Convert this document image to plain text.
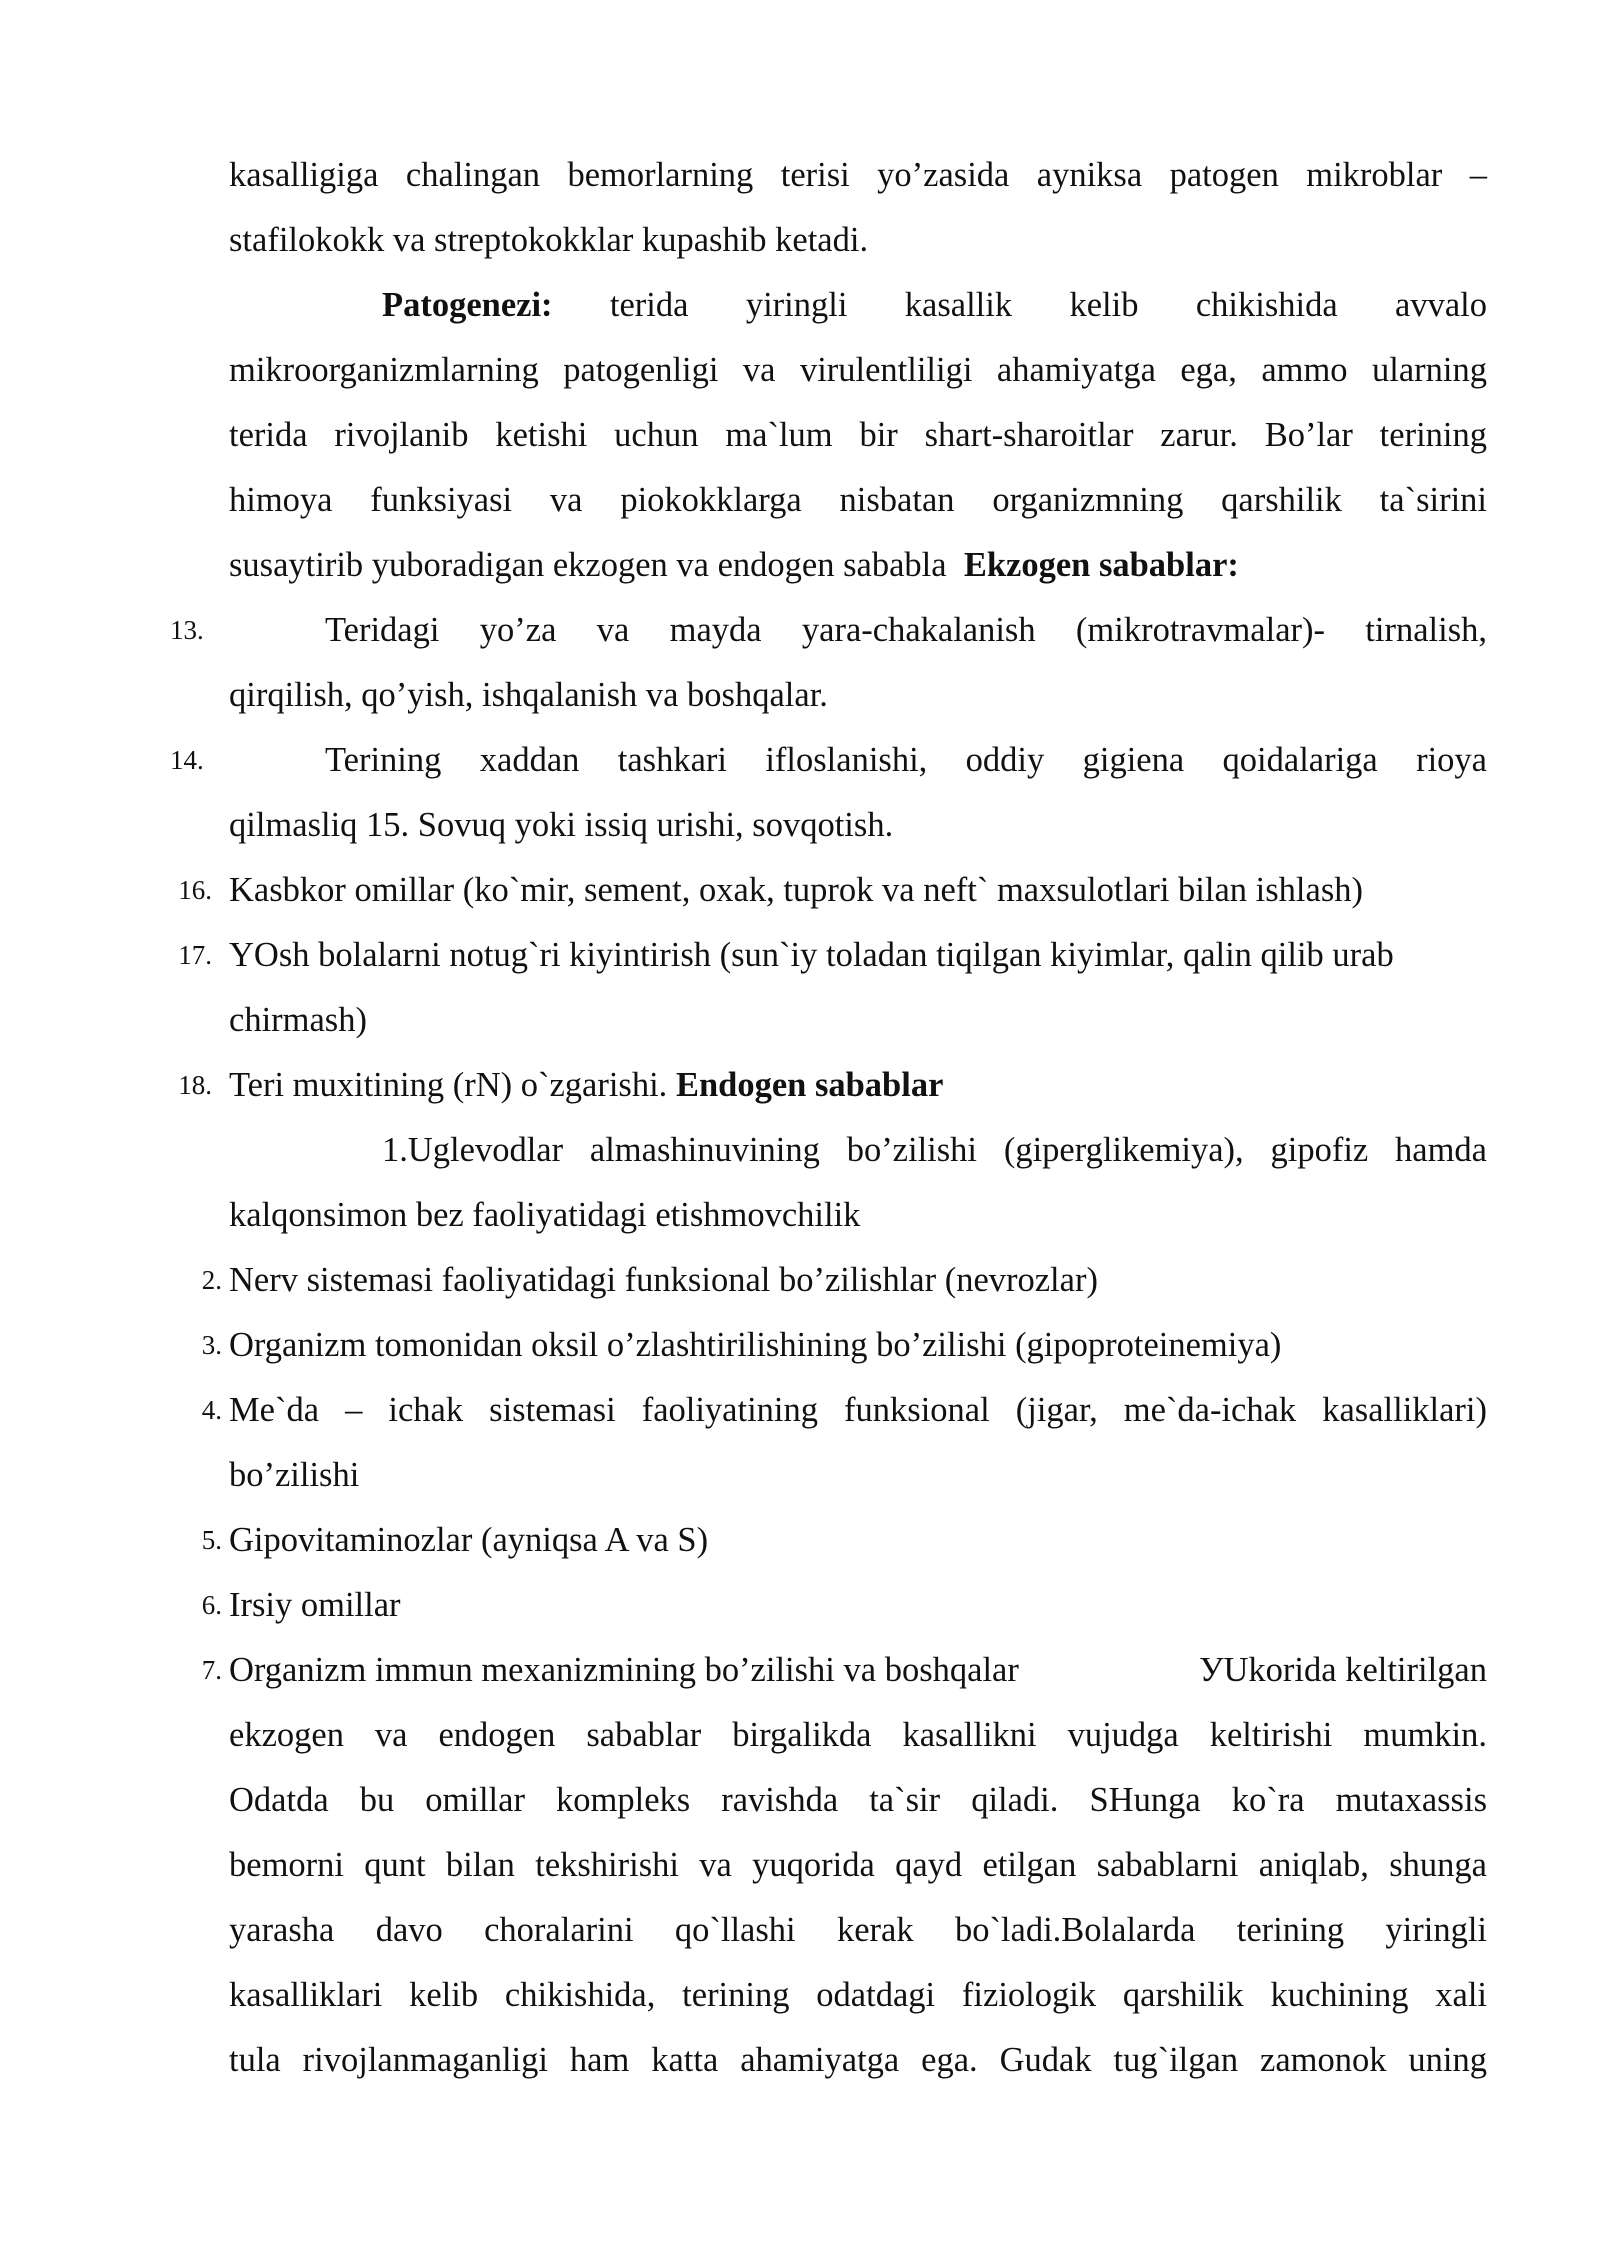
kasalligiga chalingan bemorlarning terisi yo’zasida ayniksa patogen mikroblar –
stafilokokk va streptokokklar kupashib ketadi.
Patogenezi: terida yiringli kasallik kelib chikishida avvalo
mikroorganizmlarning patogenligi va virulentliligi ahamiyatga ega, ammo ularning
terida rivojlanib ketishi uchun ma`lum bir shart-sharoitlar zarur. Bo’lar terining
himoya funksiyasi va piokokklarga nisbatan organizmning qarshilik ta`sirini
susaytirib yuboradigan ekzogen va endogen sababla Ekzogen sabablar:
13.	Teridagi yo’za va mayda yara-chakalanish (mikrotravmalar)- tirnalish,
qirqilish, qo’yish, ishqalanish va boshqalar.
14.	Terining xaddan tashkari ifloslanishi, oddiy gigiena qoidalariga rioya
qilmasliq 15. Sovuq yoki issiq urishi, sovqotish.
16. Kasbkor omillar (ko`mir, sement, oxak, tuprok va neft` maxsulotlari bilan ishlash)
17. YOsh bolalarni notug`ri kiyintirish (sun`iy toladan tiqilgan kiyimlar, qalin qilib urab
chirmash)
18. Teri muxitining (rN) o`zgarishi. Endogen sabablar
1.Uglevodlar almashinuvining bo’zilishi (giperglikemiya), gipofiz hamda
kalqonsimon bez faoliyatidagi etishmovchilik
2. Nerv sistemasi faoliyatidagi funksional bo’zilishlar (nevrozlar)
3. Organizm tomonidan oksil o’zlashtirilishining bo’zilishi (gipoproteinemiya)
4. Me`da – ichak sistemasi faoliyatining funksional (jigar, me`da-ichak kasalliklari)
bo’zilishi
5. Gipovitaminozlar (ayniqsa A va S)
6. Irsiy omillar
7. Organizm immun mexanizmining bo’zilishi va boshqalar	УUkorida keltirilgan
ekzogen va endogen sabablar birgalikda kasallikni vujudga keltirishi mumkin.
Odatda bu omillar kompleks ravishda ta`sir qiladi. SHunga ko`ra mutaxassis
bemorni qunt bilan tekshirishi va yuqorida qayd etilgan sabablarni aniqlab, shunga
yarasha davo choralarini qo`llashi kerak bo`ladi.Bolalarda terining yiringli
kasalliklari kelib chikishida, terining odatdagi fiziologik qarshilik kuchining xali
tula rivojlanmaganligi ham katta ahamiyatga ega. Gudak tug`ilgan zamonok uning
